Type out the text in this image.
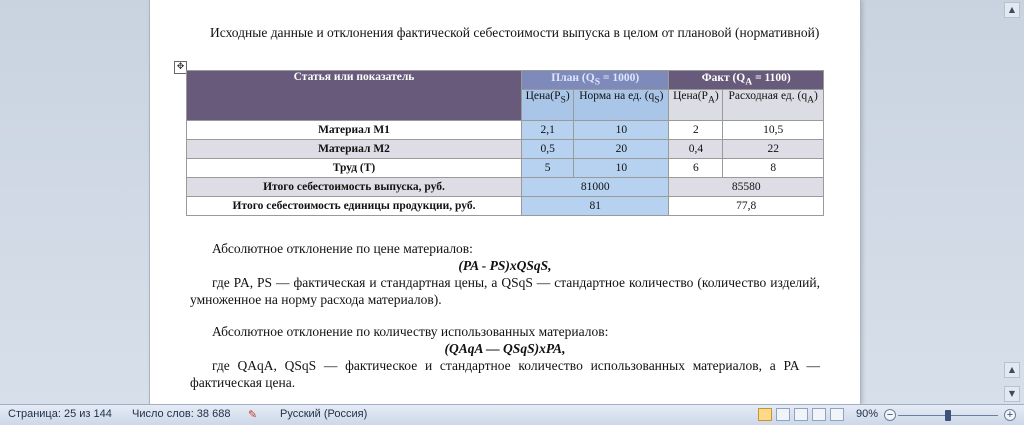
▲
▲
▼
Исходные данные и отклонения фактической себестоимости выпуска в целом от плановой (нормативной)
✥
Статья или показатель	План $(Q_S = 1000)$		Факт $(Q_A = 1100)$	
	$Цена(P_S)$	Норма на ед. $(q_S)$	$Цена(P_A)$	Расходная ед. $(q_A)$
Материал М1	2,1	10	2	10,5
Материал М2	0,5	20	0,4	22
Труд (Т)	5	10	6	8
Итого себестоимость выпуска, руб.	81000		85580	
Итого себестоимость единицы продукции, руб.	81		77,8	

Абсолютное отклонение по цене материалов:

(PA - PS)xQSqS,

где PA, PS — фактическая и стандартная цены, а QSqS — стандартное количество (количество изделий, умноженное на норму расхода материалов).

Абсолютное отклонение по количеству использованных материалов:

(QAqA — QSqS)xPA,

где QAqA, QSqS — фактическое и стандартное количество использованных материалов, а PA — фактическая цена.

Страница: 25 из 144 Число слов: 38 688 ✎ Русский (Россия)	90% −	+
